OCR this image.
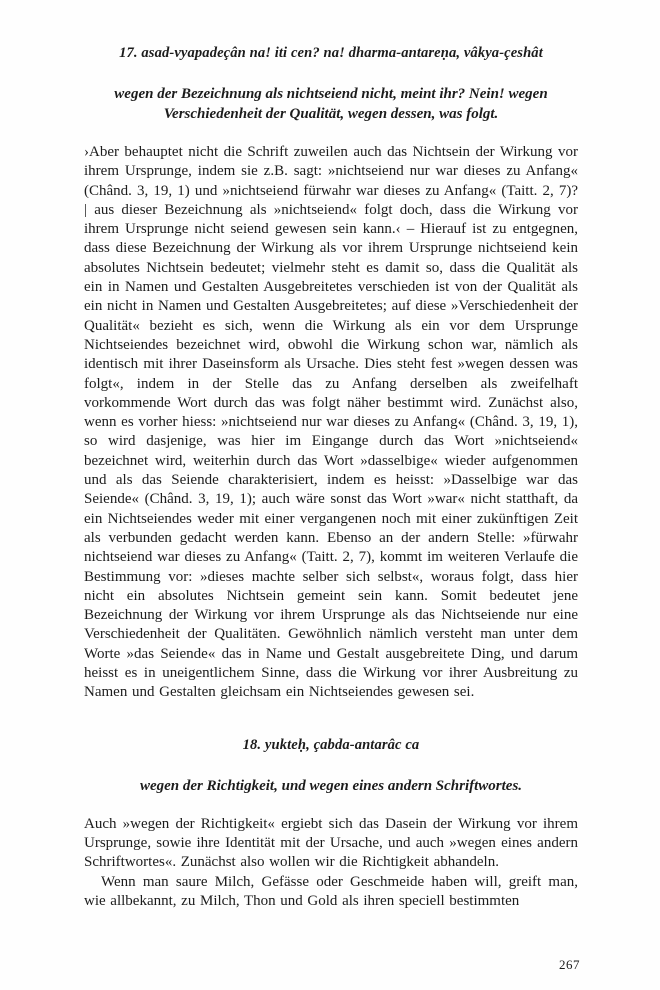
17. asad-vyapadeçân na! iti cen? na! dharma-antareṇa, vâkya-çeshât
wegen der Bezeichnung als nichtseiend nicht, meint ihr? Nein! wegen Verschiedenheit der Qualität, wegen dessen, was folgt.

›Aber behauptet nicht die Schrift zuweilen auch das Nichtsein der Wirkung vor ihrem Ursprunge, indem sie z.B. sagt: »nichtseiend nur war dieses zu Anfang« (Chând. 3, 19, 1) und »nichtseiend fürwahr war dieses zu Anfang« (Taitt. 2, 7)? | aus dieser Bezeichnung als »nichtseiend« folgt doch, dass die Wirkung vor ihrem Ursprunge nicht seiend gewesen sein kann.‹ – Hierauf ist zu entgegnen, dass diese Bezeichnung der Wirkung als vor ihrem Ursprunge nichtseiend kein absolutes Nichtsein bedeutet; vielmehr steht es damit so, dass die Qualität als ein in Namen und Gestalten Ausgebreitetes verschieden ist von der Qualität als ein nicht in Namen und Gestalten Ausgebreitetes; auf diese »Verschiedenheit der Qualität« bezieht es sich, wenn die Wirkung als ein vor dem Ursprunge Nichtseiendes bezeichnet wird, obwohl die Wirkung schon war, nämlich als identisch mit ihrer Daseinsform als Ursache. Dies steht fest »wegen dessen was folgt«, indem in der Stelle das zu Anfang derselben als zweifelhaft vorkommende Wort durch das was folgt näher bestimmt wird. Zunächst also, wenn es vorher hiess: »nichtseiend nur war dieses zu Anfang« (Chând. 3, 19, 1), so wird dasjenige, was hier im Eingange durch das Wort »nichtseiend« bezeichnet wird, weiterhin durch das Wort »dasselbige« wieder aufgenommen und als das Seiende charakterisiert, indem es heisst: »Dasselbige war das Seiende« (Chând. 3, 19, 1); auch wäre sonst das Wort »war« nicht statthaft, da ein Nichtseiendes weder mit einer vergangenen noch mit einer zukünftigen Zeit als verbunden gedacht werden kann. Ebenso an der andern Stelle: »fürwahr nichtseiend war dieses zu Anfang« (Taitt. 2, 7), kommt im weiteren Verlaufe die Bestimmung vor: »dieses machte selber sich selbst«, woraus folgt, dass hier nicht ein absolutes Nichtsein gemeint sein kann. Somit bedeutet jene Bezeichnung der Wirkung vor ihrem Ursprunge als das Nichtseiende nur eine Verschiedenheit der Qualitäten. Gewöhnlich nämlich versteht man unter dem Worte »das Seiende« das in Name und Gestalt ausgebreitete Ding, und darum heisst es in uneigentlichem Sinne, dass die Wirkung vor ihrer Ausbreitung zu Namen und Gestalten gleichsam ein Nichtseiendes gewesen sei.

18. yukteḥ, çabda-antarâc ca
wegen der Richtigkeit, und wegen eines andern Schriftwortes.

Auch »wegen der Richtigkeit« ergiebt sich das Dasein der Wirkung vor ihrem Ursprunge, sowie ihre Identität mit der Ursache, und auch »wegen eines andern Schriftwortes«. Zunächst also wollen wir die Richtigkeit abhandeln.

Wenn man saure Milch, Gefässe oder Geschmeide haben will, greift man, wie allbekannt, zu Milch, Thon und Gold als ihren speciell bestimmten

267
